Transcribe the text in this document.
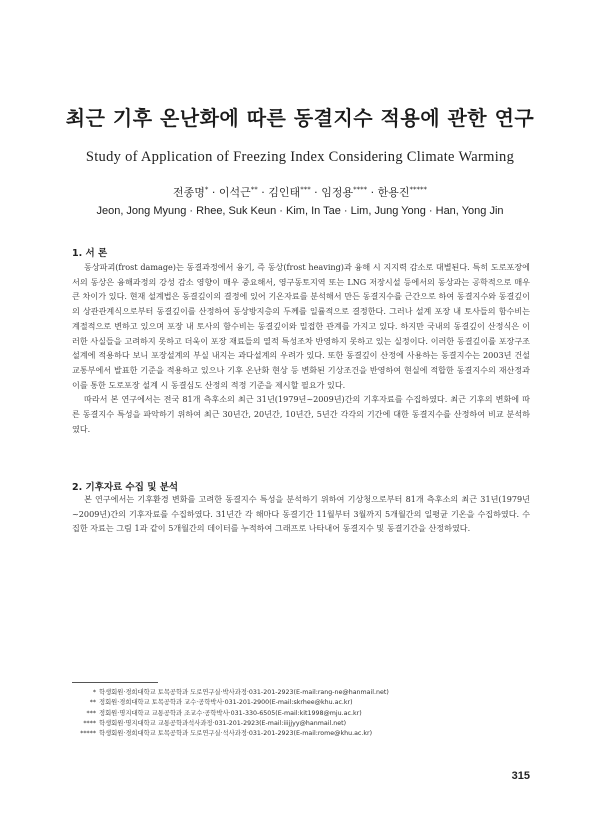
최근 기후 온난화에 따른 동결지수 적용에 관한 연구
Study of Application of Freezing Index Considering Climate Warming
전종명* · 이석근** · 김인태*** · 임정용**** · 한용진*****
Jeon, Jong Myung · Rhee, Suk Keun · Kim, In Tae · Lim, Jung Yong · Han, Yong Jin
1. 서 론

동상파괴(frost damage)는 동결과정에서 융기, 즉 동상(frost heaving)과 융해 시 지지력 감소로 대별된다. 특히 도로포장에서의 동상은 융해과정의 강성 감소 영향이 매우 중요해서, 영구동토지역 또는 LNG 저장시설 등에서의 동상과는 공학적으로 매우 큰 차이가 있다. 현재 설계법은 동결깊이의 결정에 있어 기온자료를 분석해서 만든 동결지수를 근간으로 하여 동결지수와 동결깊이의 상관관계식으로부터 동결깊이를 산정하여 동상방지층의 두께를 일률적으로 결정한다. 그러나 설계 포장 내 토사들의 함수비는 계절적으로 변하고 있으며 포장 내 토사의 함수비는 동결깊이와 밀접한 관계를 가지고 있다. 하지만 국내의 동결깊이 산정식은 이러한 사실들을 고려하지 못하고 더욱이 포장 재료들의 열적 특성조차 반영하지 못하고 있는 실정이다. 이러한 동결깊이를 포장구조설계에 적용하다 보니 포장설계의 부실 내지는 과다설계의 우려가 있다. 또한 동결깊이 산정에 사용하는 동결지수는 2003년 건설교통부에서 발표한 기준을 적용하고 있으나 기후 온난화 현상 등 변화된 기상조건을 반영하여 현실에 적합한 동결지수의 재산정과 이를 통한 도로포장 설계 시 동결심도 산정의 적정 기준을 제시할 필요가 있다.

따라서 본 연구에서는 전국 81개 측후소의 최근 31년(1979년~2009년)간의 기후자료를 수집하였다. 최근 기후의 변화에 따른 동결지수 특성을 파악하기 위하여 최근 30년간, 20년간, 10년간, 5년간 각각의 기간에 대한 동결지수를 산정하여 비교 분석하였다.

2. 기후자료 수집 및 분석

본 연구에서는 기후환경 변화를 고려한 동결지수 특성을 분석하기 위하여 기상청으로부터 81개 측후소의 최근 31년(1979년~2009년)간의 기후자료를 수집하였다. 31년간 각 해마다 동결기간 11월부터 3월까지 5개월간의 일평균 기온을 수집하였다. 수집한 자료는 그림 1과 같이 5개월간의 데이터를 누적하여 그래프로 나타내어 동결지수 및 동결기간을 산정하였다.

* 학생회원·경희대학교 토목공학과 도로연구실·박사과정·031-201-2923(E-mail:rang-ne@hanmail.net)
** 정회원·경희대학교 토목공학과 교수·공학박사·031-201-2900(E-mail:skrhee@khu.ac.kr)
*** 정회원·명지대학교 교통공학과 조교수·공학박사·031-330-6505(E-mail:kit1998@mju.ac.kr)
**** 학생회원·명지대학교 교통공학과석사과정·031-201-2923(E-mail:iiijjyy@hanmail.net)
***** 학생회원·경희대학교 토목공학과 도로연구실·석사과정·031-201-2923(E-mail:rome@khu.ac.kr)
315
